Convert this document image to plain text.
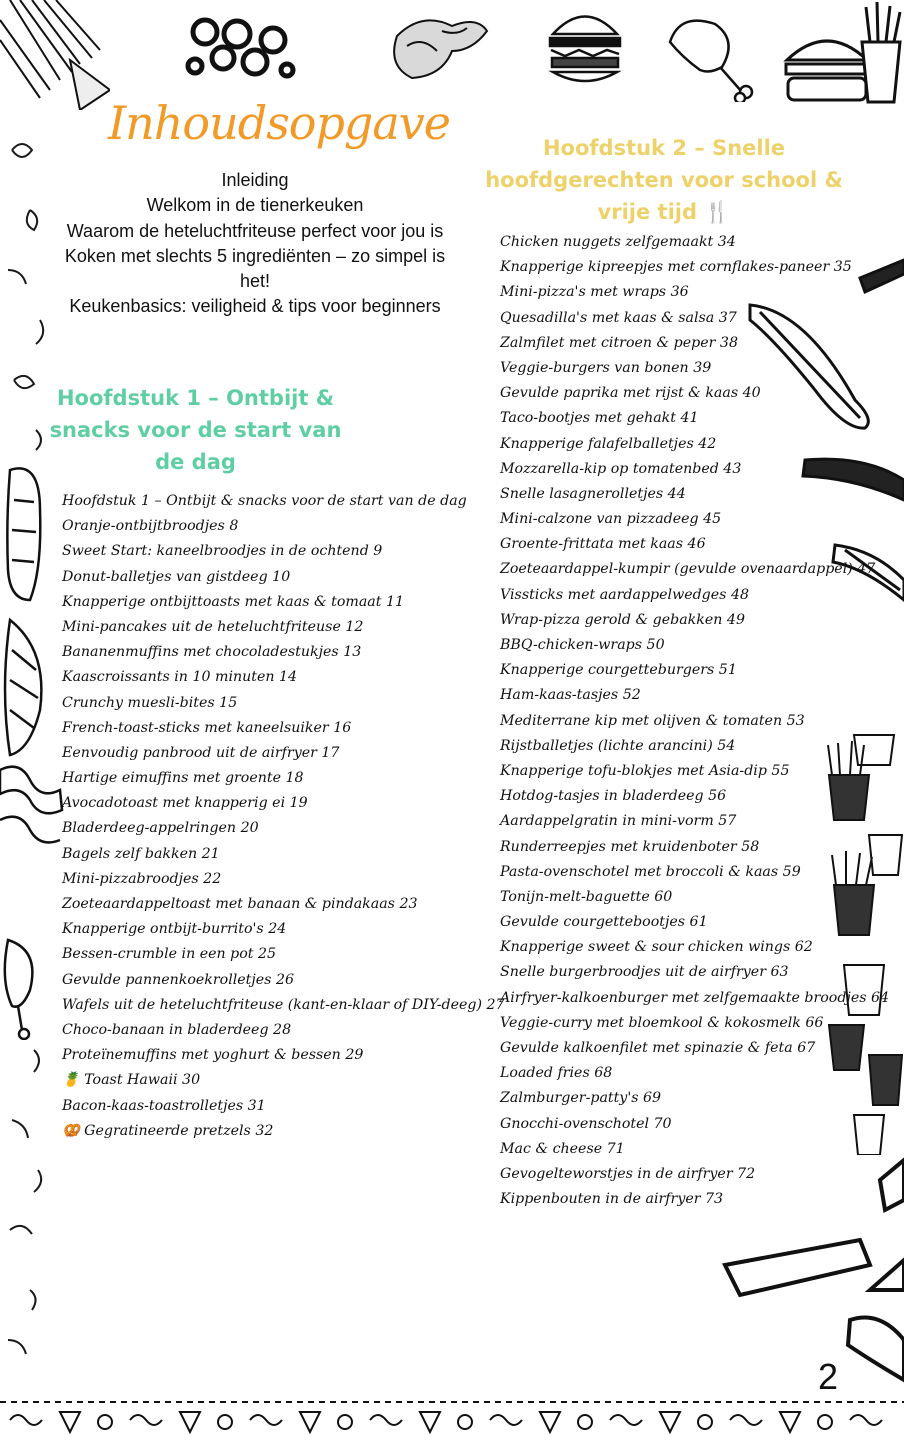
Inhoudsopgave
Inleiding
Welkom in de tienerkeuken
Waarom de heteluchtfriteuse perfect voor jou is
Koken met slechts 5 ingrediënten – zo simpel is het!
Keukenbasics: veiligheid & tips voor beginners
Hoofdstuk 1 – Ontbijt & snacks voor de start van de dag
Hoofdstuk 2 – Snelle hoofdgerechten voor school & vrije tijd 🍴
Hoofdstuk 1 – Ontbijt & snacks voor de start van de dag
Oranje-ontbijtbroodjes 8
Sweet Start: kaneelbroodjes in de ochtend 9
Donut-balletjes van gistdeeg 10
Knapperige ontbijttoasts met kaas & tomaat 11
Mini-pancakes uit de heteluchtfriteuse 12
Bananenmuffins met chocoladestukjes 13
Kaascroissants in 10 minuten 14
Crunchy muesli-bites 15
French-toast-sticks met kaneelsuiker 16
Eenvoudig panbrood uit de airfryer 17
Hartige eimuffins met groente 18
Avocadotoast met knapperig ei 19
Bladerdeeg-appelringen 20
Bagels zelf bakken 21
Mini-pizzabroodjes 22
Zoeteaardappeltoast met banaan & pindakaas 23
Knapperige ontbijt-burrito's 24
Bessen-crumble in een pot 25
Gevulde pannenkoekrolletjes 26
Wafels uit de heteluchtfriteuse (kant-en-klaar of DIY-deeg) 27
Choco-banaan in bladerdeeg 28
Proteïnemuffins met yoghurt & bessen 29
🍍 Toast Hawaii 30
Bacon-kaas-toastrolletjes 31
🥨 Gegratineerde pretzels 32
Chicken nuggets zelfgemaakt 34
Knapperige kipreepjes met cornflakes-paneer 35
Mini-pizza's met wraps 36
Quesadilla's met kaas & salsa 37
Zalmfilet met citroen & peper 38
Veggie-burgers van bonen 39
Gevulde paprika met rijst & kaas 40
Taco-bootjes met gehakt 41
Knapperige falafelballetjes 42
Mozzarella-kip op tomatenbed 43
Snelle lasagnerolletjes 44
Mini-calzone van pizzadeeg 45
Groente-frittata met kaas 46
Zoeteaardappel-kumpir (gevulde ovenaardappel) 47
Vissticks met aardappelwedges 48
Wrap-pizza gerold & gebakken 49
BBQ-chicken-wraps 50
Knapperige courgetteburgers 51
Ham-kaas-tasjes 52
Mediterrane kip met olijven & tomaten 53
Rijstballetjes (lichte arancini) 54
Knapperige tofu-blokjes met Asia-dip 55
Hotdog-tasjes in bladerdeeg 56
Aardappelgratin in mini-vorm 57
Runderreepjes met kruidenboter 58
Pasta-ovenschotel met broccoli & kaas 59
Tonijn-melt-baguette 60
Gevulde courgettebootjes 61
Knapperige sweet & sour chicken wings 62
Snelle burgerbroodjes uit de airfryer 63
Airfryer-kalkoenburger met zelfgemaakte broodjes 64
Veggie-curry met bloemkool & kokosmelk 66
Gevulde kalkoenfilet met spinazie & feta 67
Loaded fries 68
Zalmburger-patty's 69
Gnocchi-ovenschotel 70
Mac & cheese 71
Gevogelteworstjes in de airfryer 72
Kippenbouten in de airfryer 73
2
